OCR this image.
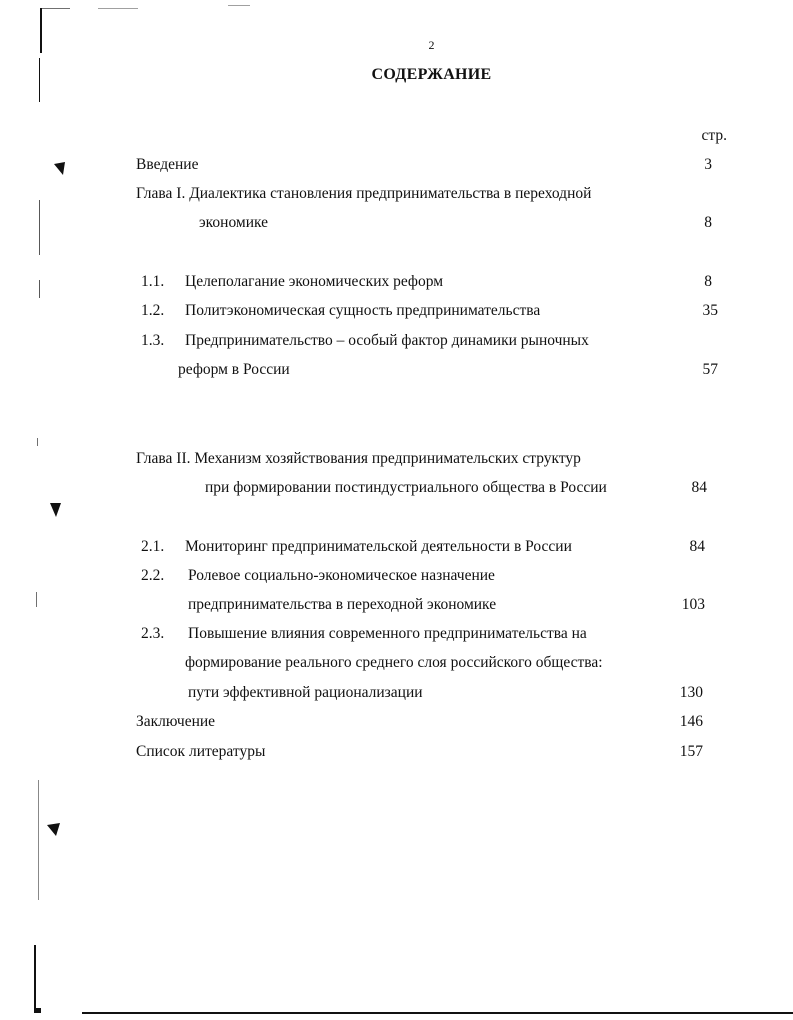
2
СОДЕРЖАНИЕ
стр.
Введение	3
Глава I. Диалектика становления предпринимательства в переходной
экономике	8
1.1. Целеполагание экономических реформ	8
1.2. Политэкономическая сущность предпринимательства	35
1.3. Предпринимательство – особый фактор динамики рыночных
реформ в России	57
Глава II. Механизм хозяйствования предпринимательских структур
при формировании постиндустриального общества в России	84
2.1. Мониторинг предпринимательской деятельности в России	84
2.2. Ролевое социально-экономическое назначение
предпринимательства в переходной экономике	103
2.3. Повышение влияния современного предпринимательства на
формирование реального среднего слоя российского общества:
пути эффективной рационализации	130
Заключение	146
Список литературы	157
